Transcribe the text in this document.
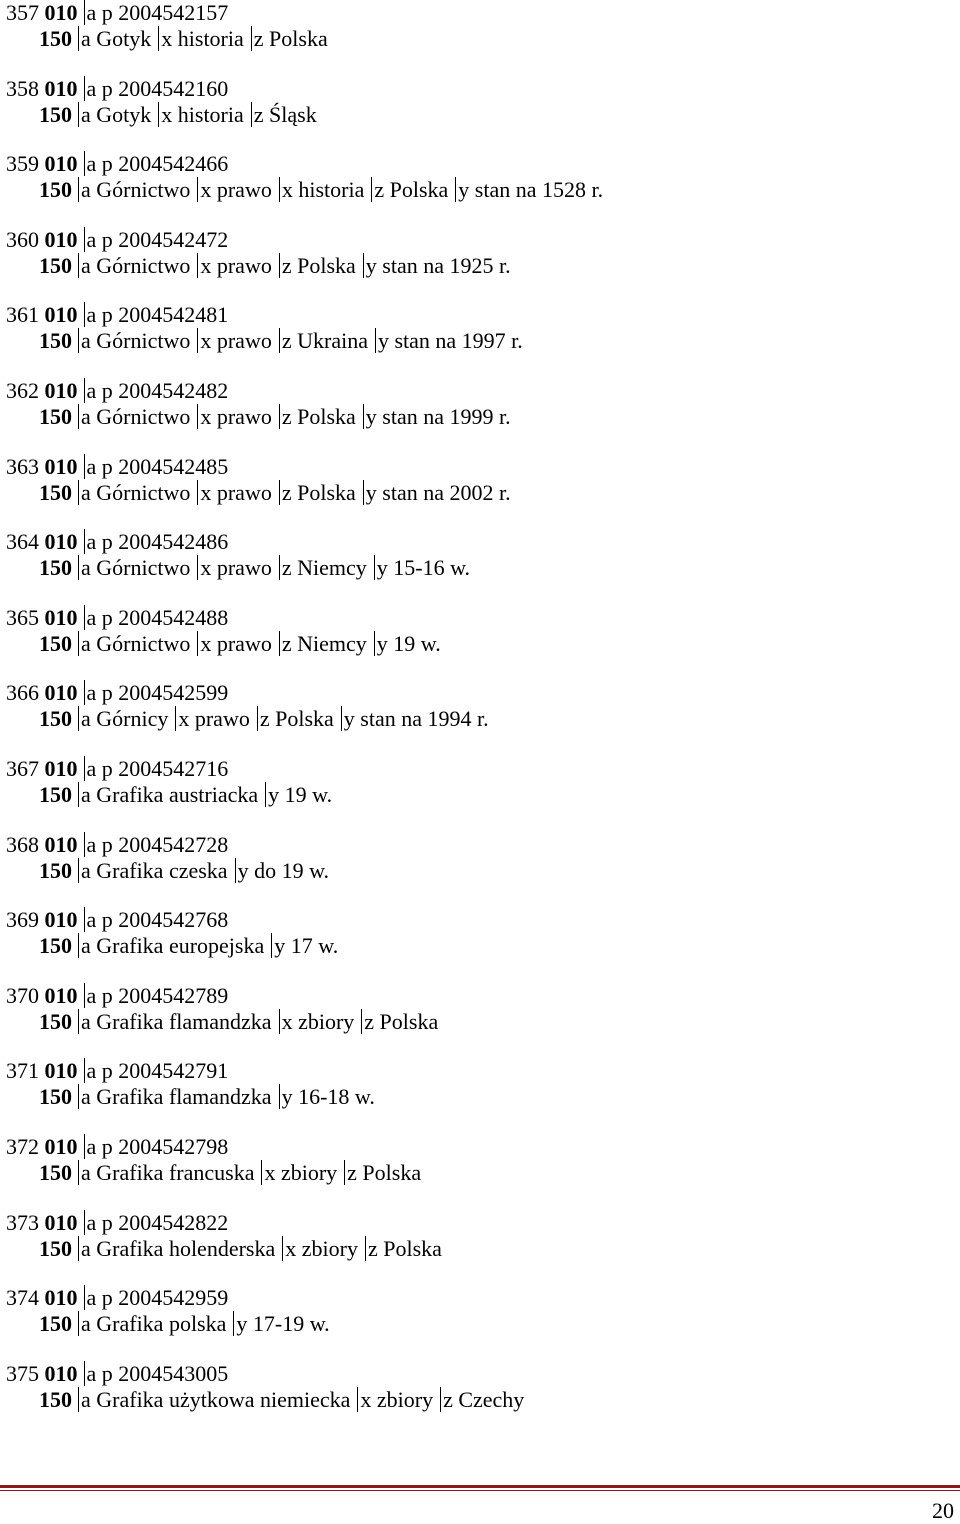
357 010 a p 2004542157
150 a Gotyk x historia z Polska
358 010 a p 2004542160
150 a Gotyk x historia z Śląsk
359 010 a p 2004542466
150 a Górnictwo x prawo x historia z Polska y stan na 1528 r.
360 010 a p 2004542472
150 a Górnictwo x prawo z Polska y stan na 1925 r.
361 010 a p 2004542481
150 a Górnictwo x prawo z Ukraina y stan na 1997 r.
362 010 a p 2004542482
150 a Górnictwo x prawo z Polska y stan na 1999 r.
363 010 a p 2004542485
150 a Górnictwo x prawo z Polska y stan na 2002 r.
364 010 a p 2004542486
150 a Górnictwo x prawo z Niemcy y 15-16 w.
365 010 a p 2004542488
150 a Górnictwo x prawo z Niemcy y 19 w.
366 010 a p 2004542599
150 a Górnicy x prawo z Polska y stan na 1994 r.
367 010 a p 2004542716
150 a Grafika austriacka y 19 w.
368 010 a p 2004542728
150 a Grafika czeska y do 19 w.
369 010 a p 2004542768
150 a Grafika europejska y 17 w.
370 010 a p 2004542789
150 a Grafika flamandzka x zbiory z Polska
371 010 a p 2004542791
150 a Grafika flamandzka y 16-18 w.
372 010 a p 2004542798
150 a Grafika francuska x zbiory z Polska
373 010 a p 2004542822
150 a Grafika holenderska x zbiory z Polska
374 010 a p 2004542959
150 a Grafika polska y 17-19 w.
375 010 a p 2004543005
150 a Grafika użytkowa niemiecka x zbiory z Czechy
20
